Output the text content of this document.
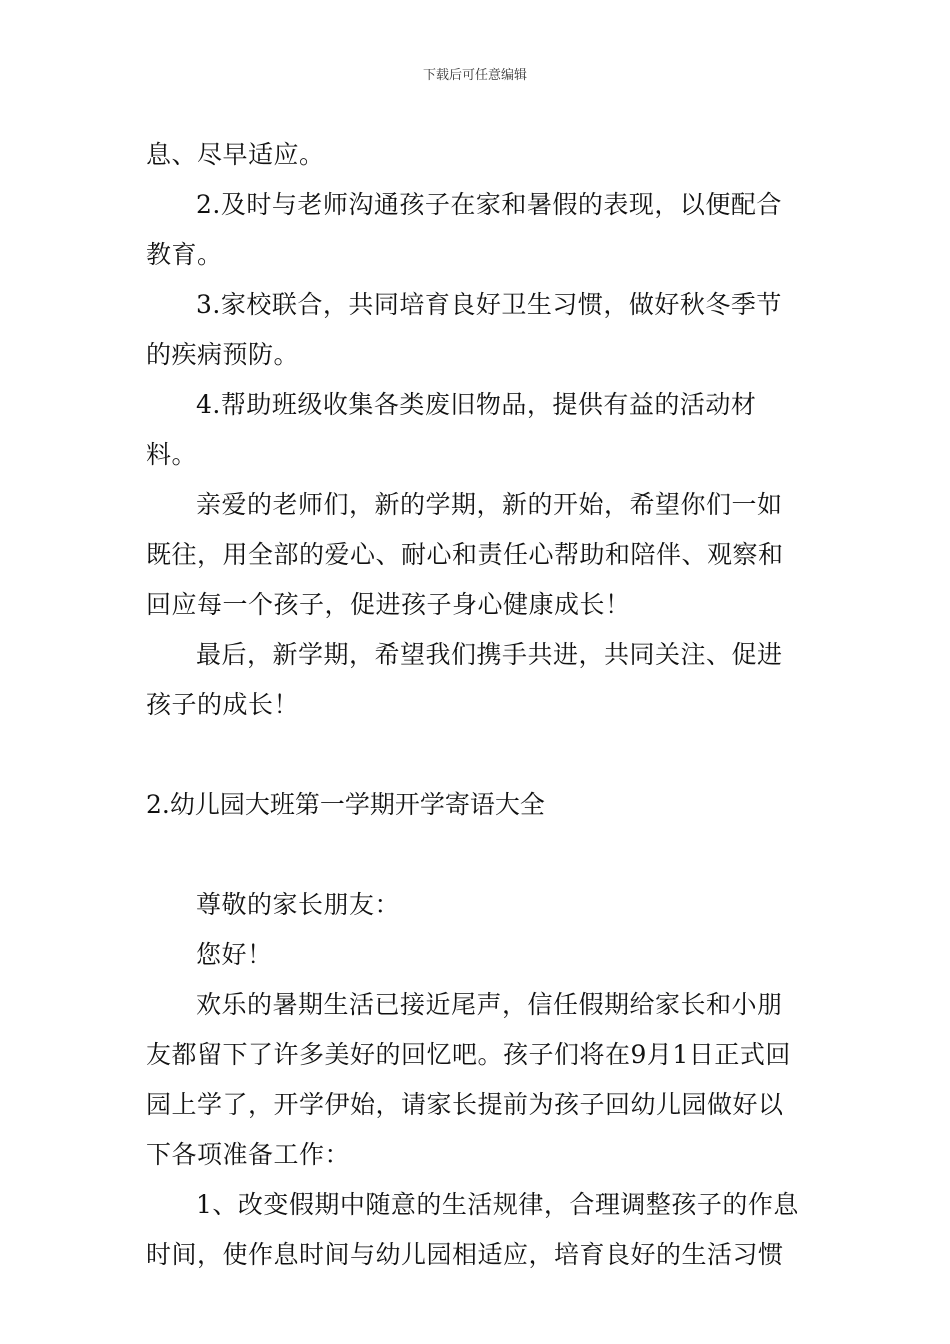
下载后可任意编辑

息、尽早适应。

2.及时与老师沟通孩子在家和暑假的表现，以便配合教育。

3.家校联合，共同培育良好卫生习惯，做好秋冬季节的疾病预防。

4.帮助班级收集各类废旧物品，提供有益的活动材料。

亲爱的老师们，新的学期，新的开始，希望你们一如既往，用全部的爱心、耐心和责任心帮助和陪伴、观察和回应每一个孩子，促进孩子身心健康成长！

最后，新学期，希望我们携手共进，共同关注、促进孩子的成长！

2.幼儿园大班第一学期开学寄语大全

尊敬的家长朋友：

您好！

欢乐的暑期生活已接近尾声，信任假期给家长和小朋友都留下了许多美好的回忆吧。孩子们将在9月1日正式回园上学了，开学伊始，请家长提前为孩子回幼儿园做好以下各项准备工作：

1、改变假期中随意的生活规律，合理调整孩子的作息时间，使作息时间与幼儿园相适应，培育良好的生活习惯
